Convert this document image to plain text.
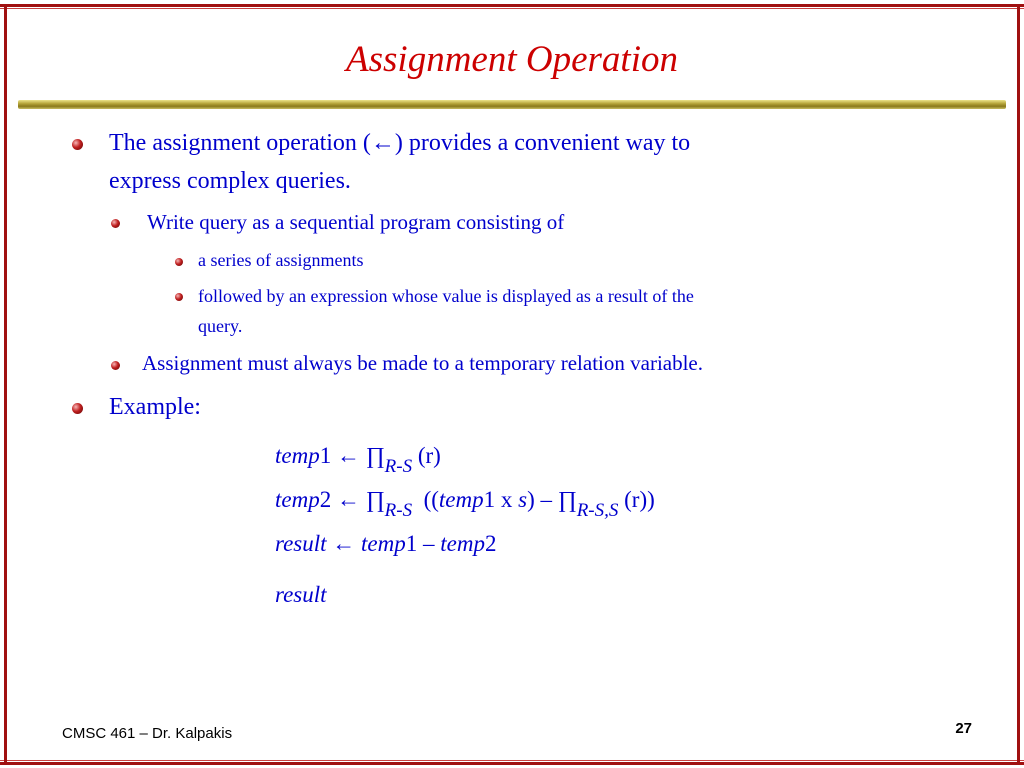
Assignment Operation
The assignment operation (←) provides a convenient way to
express complex queries.
Write query as a sequential program consisting of
a series of assignments
followed by an expression whose value is displayed as a result of the
query.
Assignment must always be made to a temporary relation variable.
Example:
temp1 ← $\prod_{R-S}$ (r)
temp2 ← $\prod_{R-S}$ ((temp1 x $s) - \prod_{R-S,S}$ (r))
result ← temp1 – temp2
result
CMSC 461 – Dr. Kalpakis	27
